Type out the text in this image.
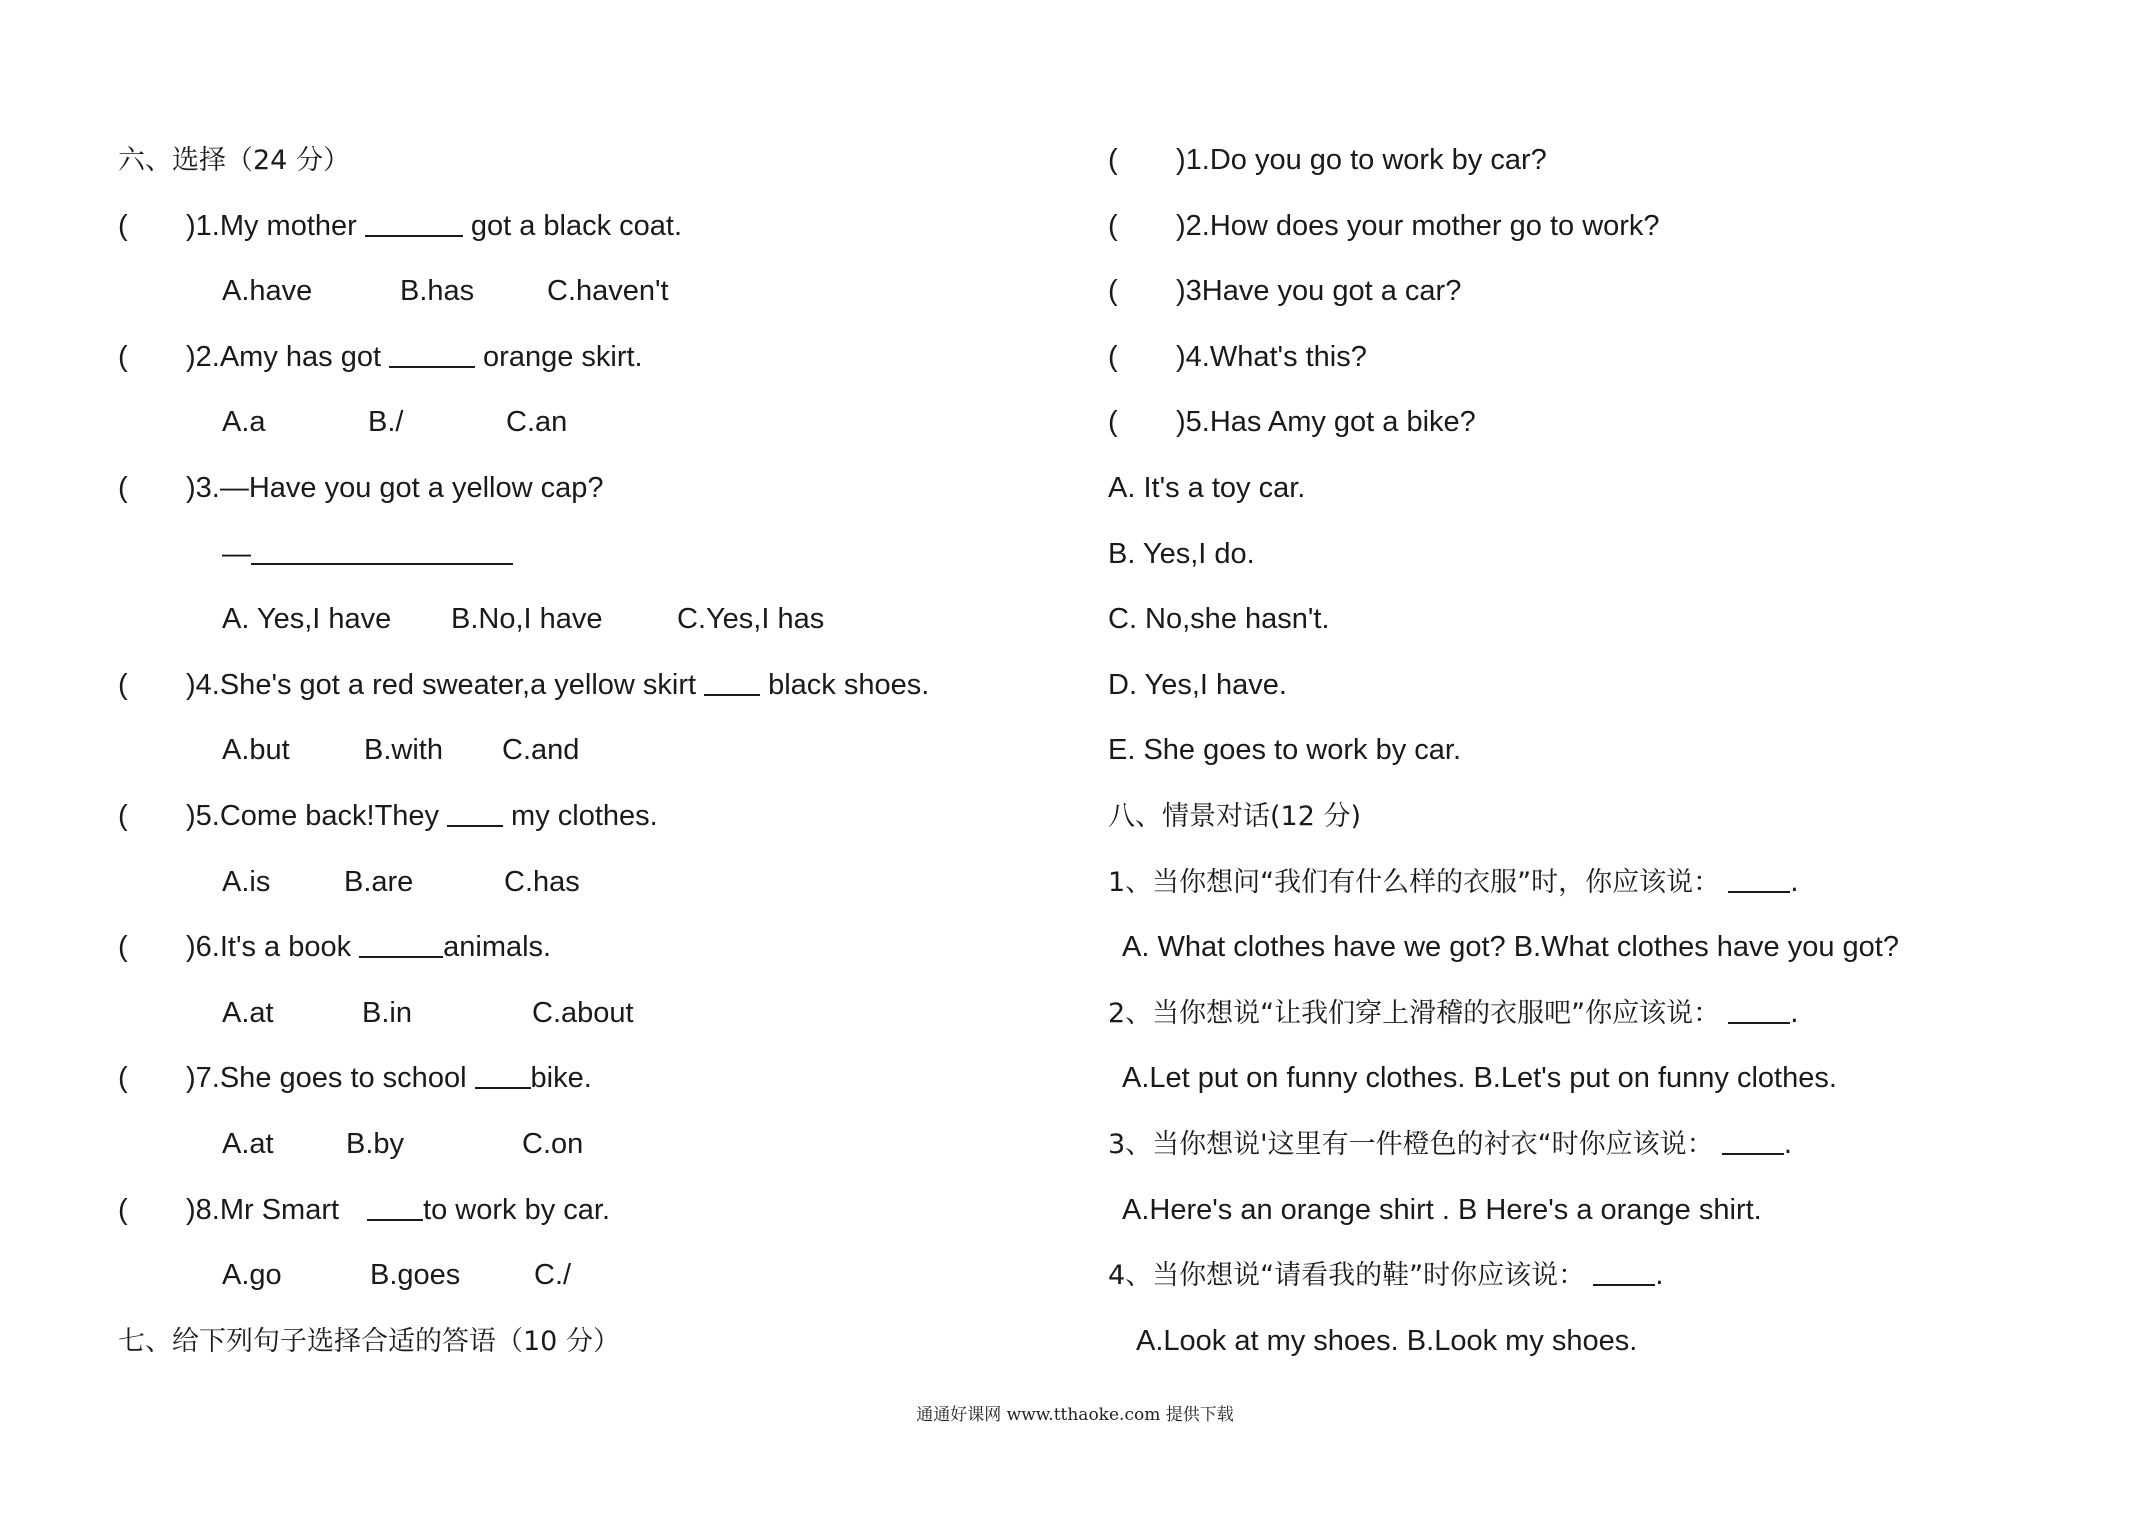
六、选择（24 分）
( )1.My mother	got a black coat.
A.have	B.has	C.haven't
( )2.Amy has got	orange skirt.
A.a	B./	C.an
( )3.—Have you got a yellow cap?
—
A. Yes,I have B.No,I have	C.Yes,I has
( )4.She's got a red sweater,a yellow skirt black shoes.
A.but	B.with C.and
( )5.Come back!They my clothes.
A.is	B.are	C.has
( )6.It's a book	animals.
A.at	B.in	C.about
( )7.She goes to school bike.
A.at B.by	C.on
( )8.Mr Smart	to work by car.
A.go	B.goes	C./
七、给下列句子选择合适的答语（10 分）
( )1.Do you go to work by car?
( )2.How does your mother go to work?
( )3Have you got a car?
( )4.What's this?
( )5.Has Amy got a bike?
A. It's a toy car.
B. Yes,I do.
C. No,she hasn't.
D. Yes,I have.
E. She goes to work by car.
八、情景对话(12 分)
1、当你想问“我们有什么样的衣服”时，你应该说：	.
A. What clothes have we got? B.What clothes have you got?
2、当你想说“让我们穿上滑稽的衣服吧”你应该说：	.
A.Let put on funny clothes. B.Let's put on funny clothes.
3、当你想说'这里有一件橙色的衬衣“时你应该说：	.
A.Here's an orange shirt . B Here's a orange shirt.
4、当你想说“请看我的鞋”时你应该说：	.
A.Look at my shoes. B.Look my shoes.
通通好课网 www.tthaoke.com 提供下载
